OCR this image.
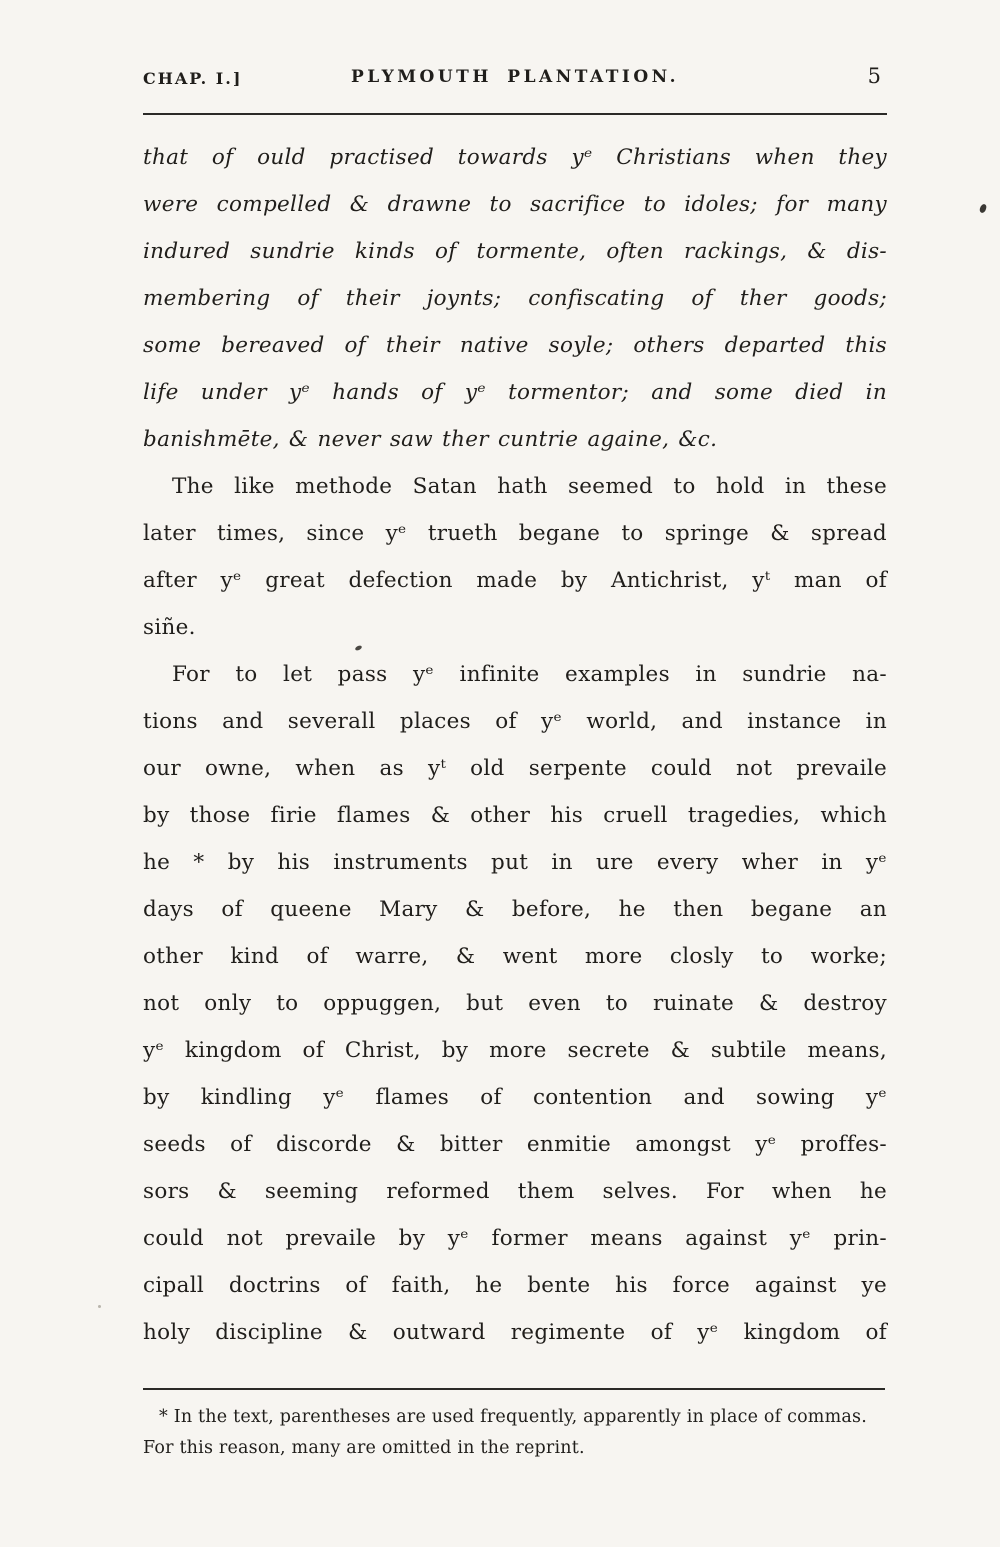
CHAP. I.]	PLYMOUTH PLANTATION.	5
that of ould practised towards yᵉ Christians when they
were compelled & drawne to sacrifice to idoles; for many
indured sundrie kinds of tormente, often rackings, & dis-
membering of their joynts; confiscating of ther goods;
some bereaved of their native soyle; others departed this
life under yᵉ hands of yᵉ tormentor; and some died in
banishmēte, & never saw ther cuntrie againe, &c.
The like methode Satan hath seemed to hold in these
later times, since yᵉ trueth begane to springe & spread
after yᵉ great defection made by Antichrist, yᵗ man of
siñe.
For to let pass yᵉ infinite examples in sundrie na-
tions and severall places of yᵉ world, and instance in
our owne, when as yᵗ old serpente could not prevaile
by those firie flames & other his cruell tragedies, which
he * by his instruments put in ure every wher in yᵉ
days of queene Mary & before, he then begane an
other kind of warre, & went more closly to worke;
not only to oppuggen, but even to ruinate & destroy
yᵉ kingdom of Christ, by more secrete & subtile means,
by kindling yᵉ flames of contention and sowing yᵉ
seeds of discorde & bitter enmitie amongst yᵉ proffes-
sors & seeming reformed them selves. For when he
could not prevaile by yᵉ former means against yᵉ prin-
cipall doctrins of faith, he bente his force against ye
holy discipline & outward regimente of yᵉ kingdom of
* In the text, parentheses are used frequently, apparently in place of commas.
For this reason, many are omitted in the reprint.
